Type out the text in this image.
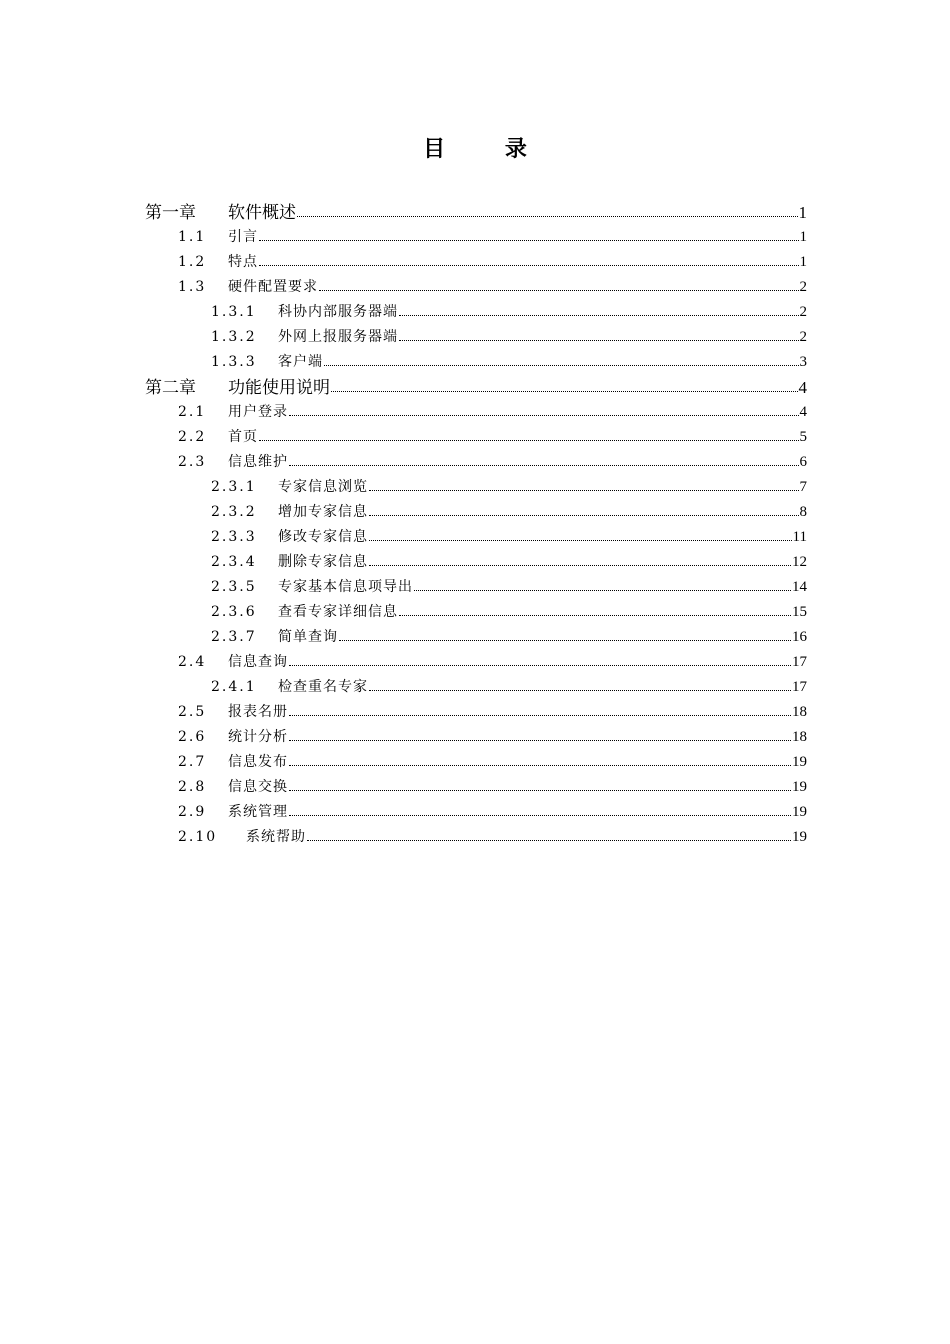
目 录
第一章	软件概述	1
1.1	引言	1
1.2	特点	1
1.3	硬件配置要求	2
1.3.1	科协内部服务器端	2
1.3.2	外网上报服务器端	2
1.3.3	客户端	3
第二章	功能使用说明	4
2.1	用户登录	4
2.2	首页	5
2.3	信息维护	6
2.3.1	专家信息浏览	7
2.3.2	增加专家信息	8
2.3.3	修改专家信息	11
2.3.4	删除专家信息	12
2.3.5	专家基本信息项导出	14
2.3.6	查看专家详细信息	15
2.3.7	简单查询	16
2.4	信息查询	17
2.4.1	检查重名专家	17
2.5	报表名册	18
2.6	统计分析	18
2.7	信息发布	19
2.8	信息交换	19
2.9	系统管理	19
2.10	系统帮助	19
